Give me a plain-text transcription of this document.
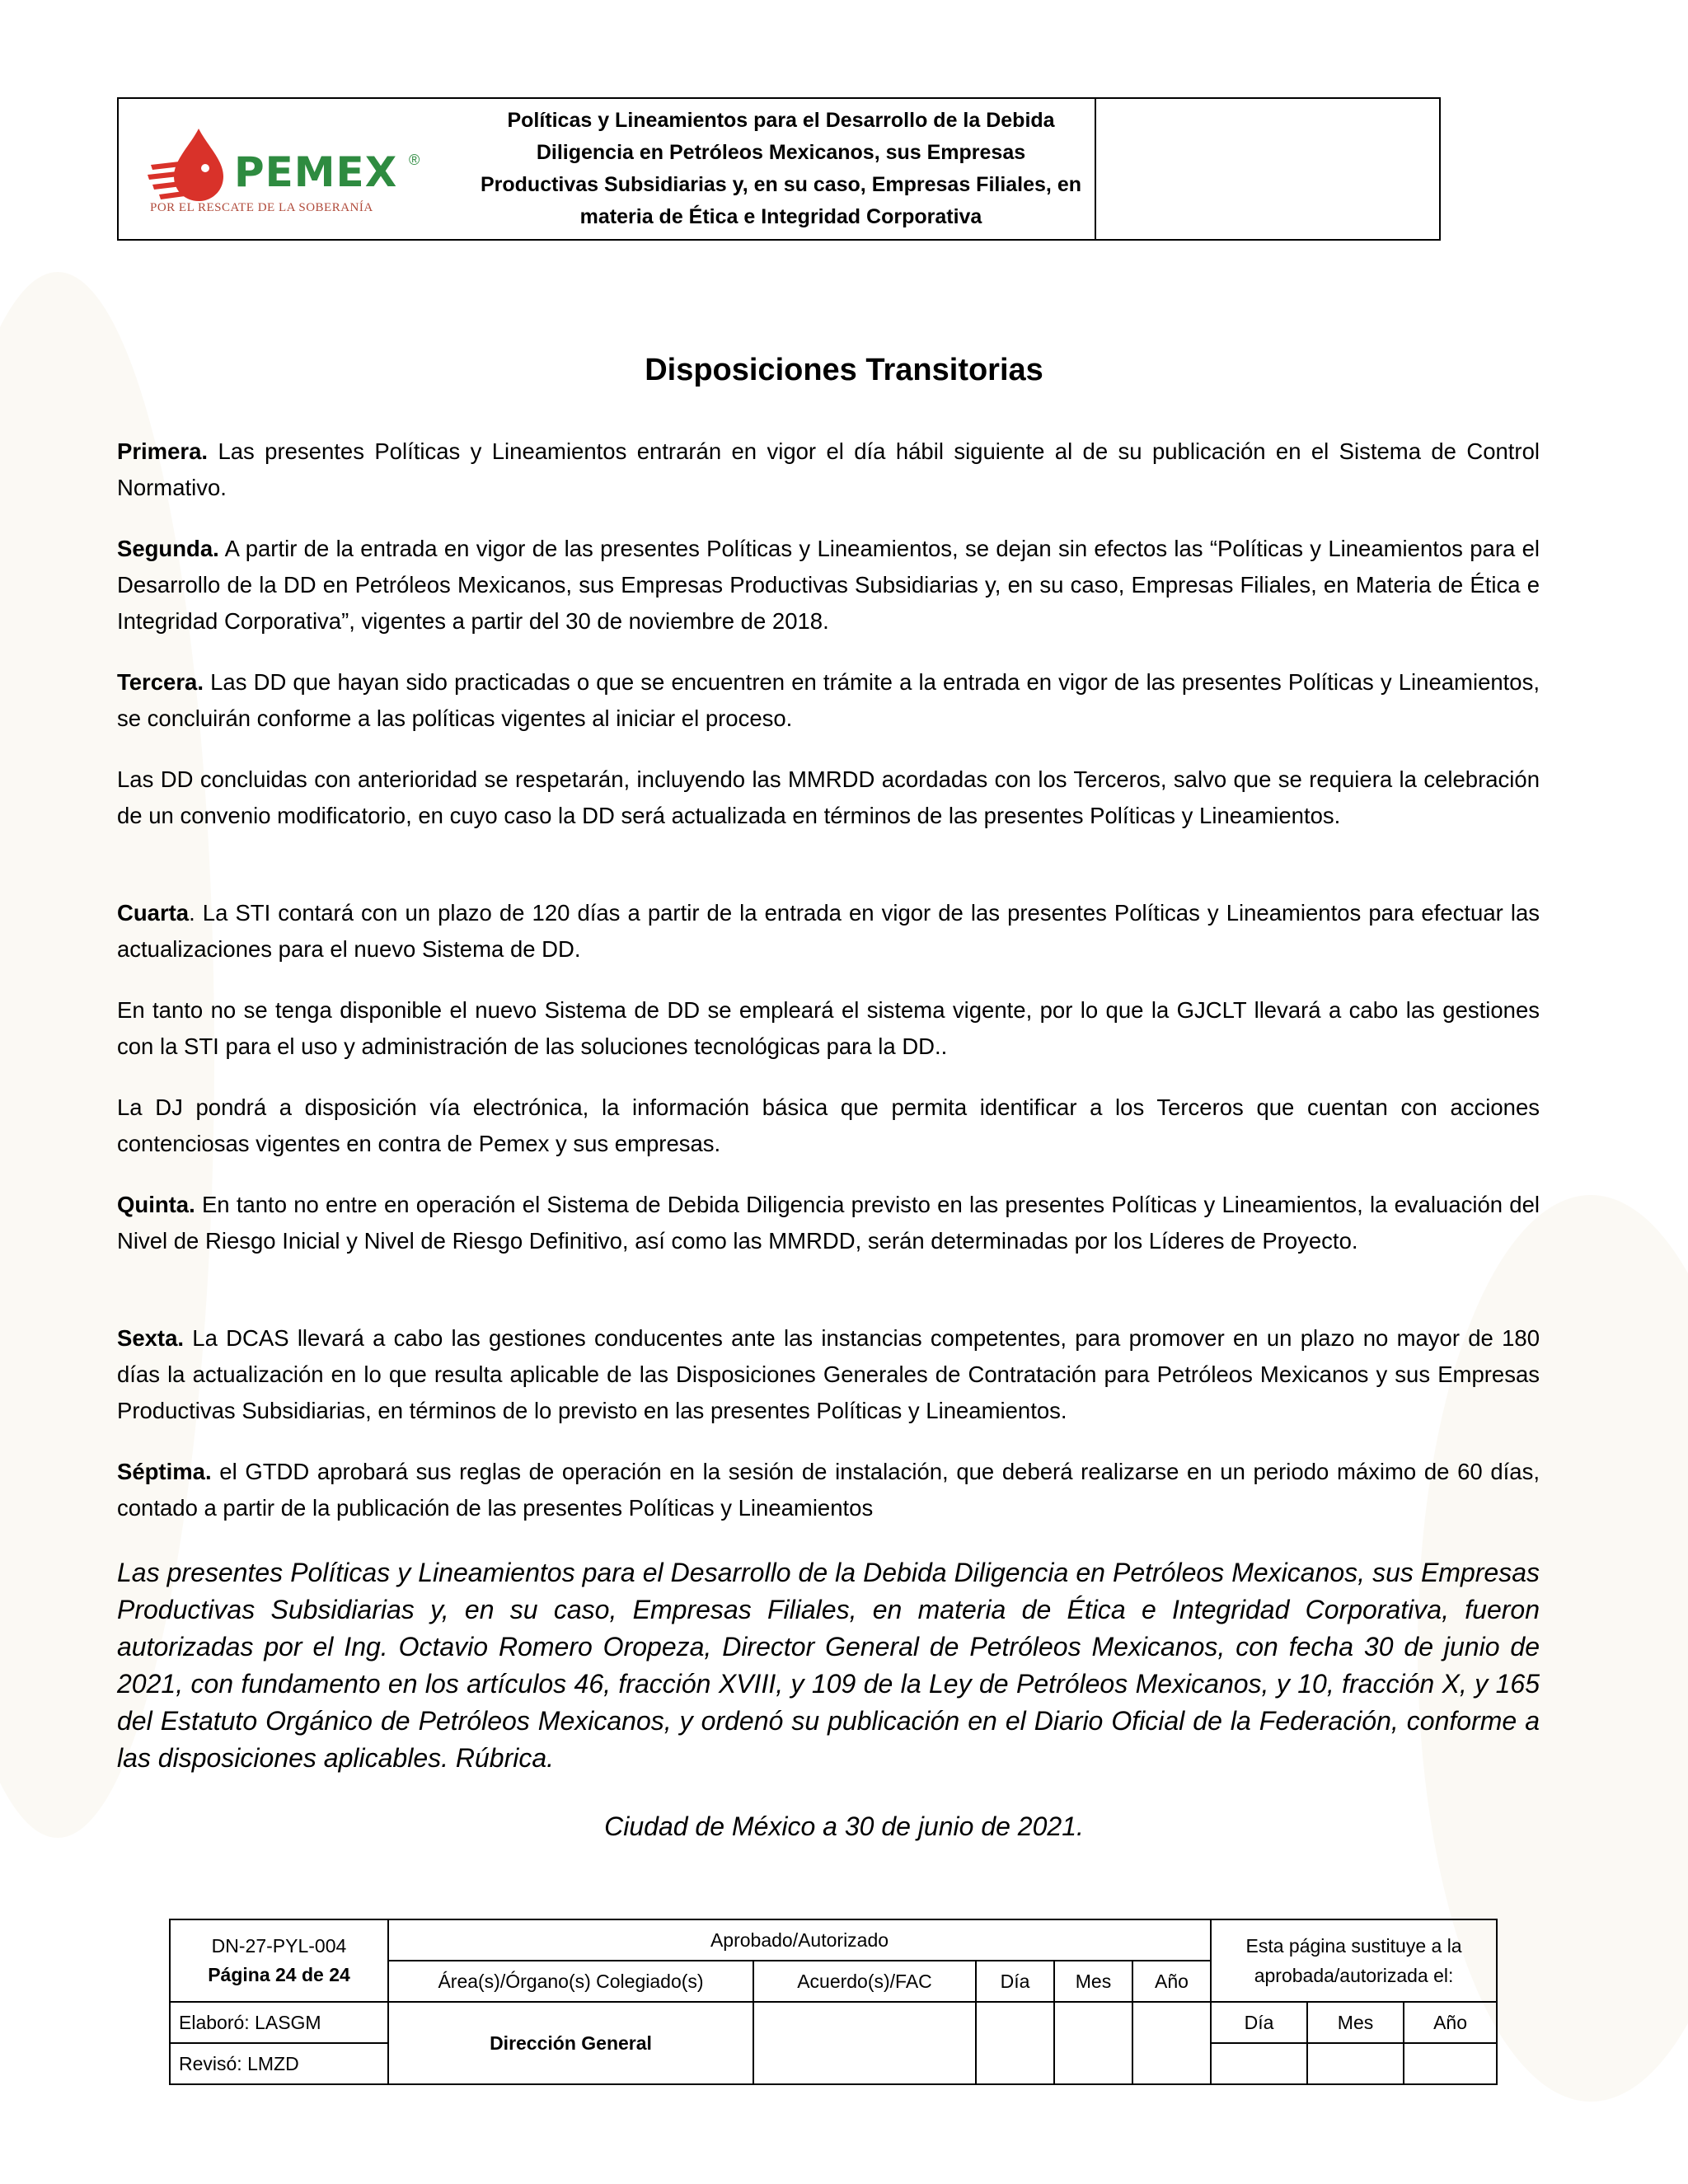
PEMEX ®
POR EL RESCATE DE LA SOBERANÍA
Políticas y Lineamientos para el Desarrollo de la Debida Diligencia en Petróleos Mexicanos, sus Empresas Productivas Subsidiarias y, en su caso, Empresas Filiales, en materia de Ética e Integridad Corporativa
Disposiciones Transitorias

Primera. Las presentes Políticas y Lineamientos entrarán en vigor el día hábil siguiente al de su publicación en el Sistema de Control Normativo.

Segunda. A partir de la entrada en vigor de las presentes Políticas y Lineamientos, se dejan sin efectos las “Políticas y Lineamientos para el Desarrollo de la DD en Petróleos Mexicanos, sus Empresas Productivas Subsidiarias y, en su caso, Empresas Filiales, en Materia de Ética e Integridad Corporativa”, vigentes a partir del 30 de noviembre de 2018.

Tercera. Las DD que hayan sido practicadas o que se encuentren en trámite a la entrada en vigor de las presentes Políticas y Lineamientos, se concluirán conforme a las políticas vigentes al iniciar el proceso.

Las DD concluidas con anterioridad se respetarán, incluyendo las MMRDD acordadas con los Terceros, salvo que se requiera la celebración de un convenio modificatorio, en cuyo caso la DD será actualizada en términos de las presentes Políticas y Lineamientos.

Cuarta. La STI contará con un plazo de 120 días a partir de la entrada en vigor de las presentes Políticas y Lineamientos para efectuar las actualizaciones para el nuevo Sistema de DD.

En tanto no se tenga disponible el nuevo Sistema de DD se empleará el sistema vigente, por lo que la GJCLT llevará a cabo las gestiones con la STI para el uso y administración de las soluciones tecnológicas para la DD..

La DJ pondrá a disposición vía electrónica, la información básica que permita identificar a los Terceros que cuentan con acciones contenciosas vigentes en contra de Pemex y sus empresas.

Quinta. En tanto no entre en operación el Sistema de Debida Diligencia previsto en las presentes Políticas y Lineamientos, la evaluación del Nivel de Riesgo Inicial y Nivel de Riesgo Definitivo, así como las MMRDD, serán determinadas por los Líderes de Proyecto.

Sexta. La DCAS llevará a cabo las gestiones conducentes ante las instancias competentes, para promover en un plazo no mayor de 180 días la actualización en lo que resulta aplicable de las Disposiciones Generales de Contratación para Petróleos Mexicanos y sus Empresas Productivas Subsidiarias, en términos de lo previsto en las presentes Políticas y Lineamientos.

Séptima. el GTDD aprobará sus reglas de operación en la sesión de instalación, que deberá realizarse en un periodo máximo de 60 días, contado a partir de la publicación de las presentes Políticas y Lineamientos

Las presentes Políticas y Lineamientos para el Desarrollo de la Debida Diligencia en Petróleos Mexicanos, sus Empresas Productivas Subsidiarias y, en su caso, Empresas Filiales, en materia de Ética e Integridad Corporativa, fueron autorizadas por el Ing. Octavio Romero Oropeza, Director General de Petróleos Mexicanos, con fecha 30 de junio de 2021, con fundamento en los artículos 46, fracción XVIII, y 109 de la Ley de Petróleos Mexicanos, y 10, fracción X, y 165 del Estatuto Orgánico de Petróleos Mexicanos, y ordenó su publicación en el Diario Oficial de la Federación, conforme a las disposiciones aplicables. Rúbrica.

Ciudad de México a 30 de junio de 2021.
DN-27-PYL-004
Página 24 de 24	Aprobado/Autorizado					Esta página sustituye a la aprobada/autorizada el:		
	Área(s)/Órgano(s) Colegiado(s)	Acuerdo(s)/FAC	Día	Mes	Año			
Elaboró: LASGM	Dirección General					Día	Mes	Año
Revisó: LMZD								
